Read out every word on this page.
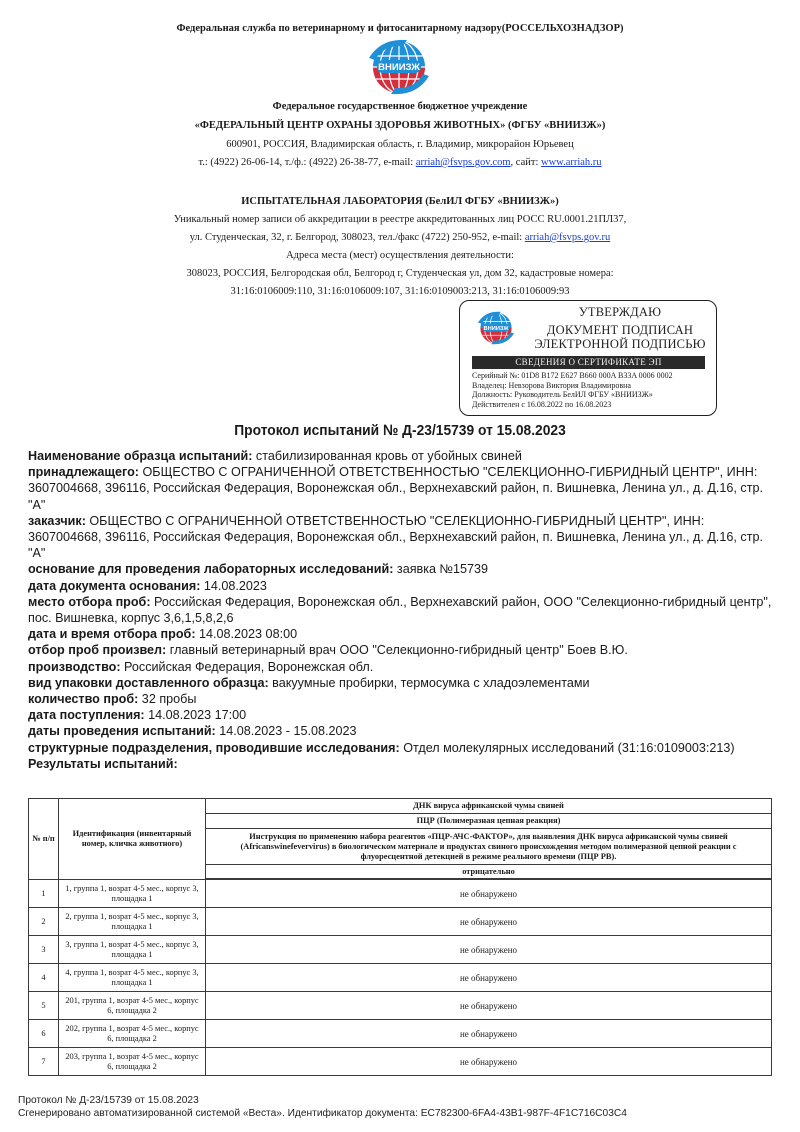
Федеральная служба по ветеринарному и фитосанитарному надзору(РОССЕЛЬХОЗНАДЗОР)
ВНИИЗЖ
Федеральное государственное бюджетное учреждение
«ФЕДЕРАЛЬНЫЙ ЦЕНТР ОХРАНЫ ЗДОРОВЬЯ ЖИВОТНЫХ» (ФГБУ «ВНИИЗЖ»)
600901, РОССИЯ, Владимирская область, г. Владимир, микрорайон Юрьевец
т.: (4922) 26-06-14, т./ф.: (4922) 26-38-77, e-mail: arriah@fsvps.gov.com, сайт: www.arriah.ru
ИСПЫТАТЕЛЬНАЯ ЛАБОРАТОРИЯ (БелИЛ ФГБУ «ВНИИЗЖ»)
Уникальный номер записи об аккредитации в реестре аккредитованных лиц РОСС RU.0001.21ПЛ37,
ул. Студенческая, 32, г. Белгород, 308023, тел./факс (4722) 250-952, e-mail: arriah@fsvps.gov.ru
Адреса места (мест) осуществления деятельности:
308023, РОССИЯ, Белгородская обл, Белгород г, Студенческая ул, дом 32, кадастровые номера:
31:16:0106009:110, 31:16:0106009:107, 31:16:0109003:213, 31:16:0106009:93
ВНИИЗЖ
УТВЕРЖДАЮ
ДОКУМЕНТ ПОДПИСАН
ЭЛЕКТРОННОЙ ПОДПИСЬЮ
СВЕДЕНИЯ О СЕРТИФИКАТЕ ЭП
Серийный №: 01D8 B172 E627 B660 000A B33A 0006 0002
Владелец: Невзорова Виктория Владимировна
Должность: Руководитель БелИЛ ФГБУ «ВНИИЗЖ»
Действителен с 16.08.2022 по 16.08.2023
Протокол испытаний № Д-23/15739 от 15.08.2023
Наименование образца испытаний: стабилизированная кровь от убойных свиней
принадлежащего: ОБЩЕСТВО С ОГРАНИЧЕННОЙ ОТВЕТСТВЕННОСТЬЮ "СЕЛЕКЦИОННО-ГИБРИДНЫЙ ЦЕНТР", ИНН: 3607004668, 396116, Российская Федерация, Воронежская обл., Верхнехавский район, п. Вишневка, Ленина ул., д. Д.16, стр. "А"
заказчик: ОБЩЕСТВО С ОГРАНИЧЕННОЙ ОТВЕТСТВЕННОСТЬЮ "СЕЛЕКЦИОННО-ГИБРИДНЫЙ ЦЕНТР", ИНН: 3607004668, 396116, Российская Федерация, Воронежская обл., Верхнехавский район, п. Вишневка, Ленина ул., д. Д.16, стр. "А"
основание для проведения лабораторных исследований: заявка №15739
дата документа основания: 14.08.2023
место отбора проб: Российская Федерация, Воронежская обл., Верхнехавский район, ООО "Селекционно-гибридный центр", пос. Вишневка, корпус 3,6,1,5,8,2,6
дата и время отбора проб: 14.08.2023 08:00
отбор проб произвел: главный ветеринарный врач ООО "Селекционно-гибридный центр" Боев В.Ю.
производство: Российская Федерация, Воронежская обл.
вид упаковки доставленного образца: вакуумные пробирки, термосумка с хладоэлементами
количество проб: 32 пробы
дата поступления: 14.08.2023 17:00
даты проведения испытаний: 14.08.2023 - 15.08.2023
структурные подразделения, проводившие исследования: Отдел молекулярных исследований (31:16:0109003:213)
Результаты испытаний:
№ п/п	Идентификация (инвентарный номер, кличка животного)	ДНК вируса африканской чумы свиней
		ПЦР (Полимеразная цепная реакция)
		Инструкция по применению набора реагентов «ПЦР-АЧС-ФАКТОР», для выявления ДНК вируса африканской чумы свиней (Africanswinefevervirus) в биологическом материале и продуктах свиного происхождения методом полимеразной цепной реакции с флуоресцентной детекцией в режиме реального времени (ПЦР РВ).
		отрицательно

1	1, группа 1, возрат 4-5 мес., корпус 3, площадка 1	не обнаружено
2	2, группа 1, возрат 4-5 мес., корпус 3, площадка 1	не обнаружено
3	3, группа 1, возрат 4-5 мес., корпус 3, площадка 1	не обнаружено
4	4, группа 1, возрат 4-5 мес., корпус 3, площадка 1	не обнаружено
5	201, группа 1, возрат 4-5 мес., корпус 6, площадка 2	не обнаружено
6	202, группа 1, возрат 4-5 мес., корпус 6, площадка 2	не обнаружено
7	203, группа 1, возрат 4-5 мес., корпус 6, площадка 2	не обнаружено
Протокол № Д-23/15739 от 15.08.2023
Сгенерировано автоматизированной системой «Веста». Идентификатор документа: EC782300-6FA4-43B1-987F-4F1C716C03C4
